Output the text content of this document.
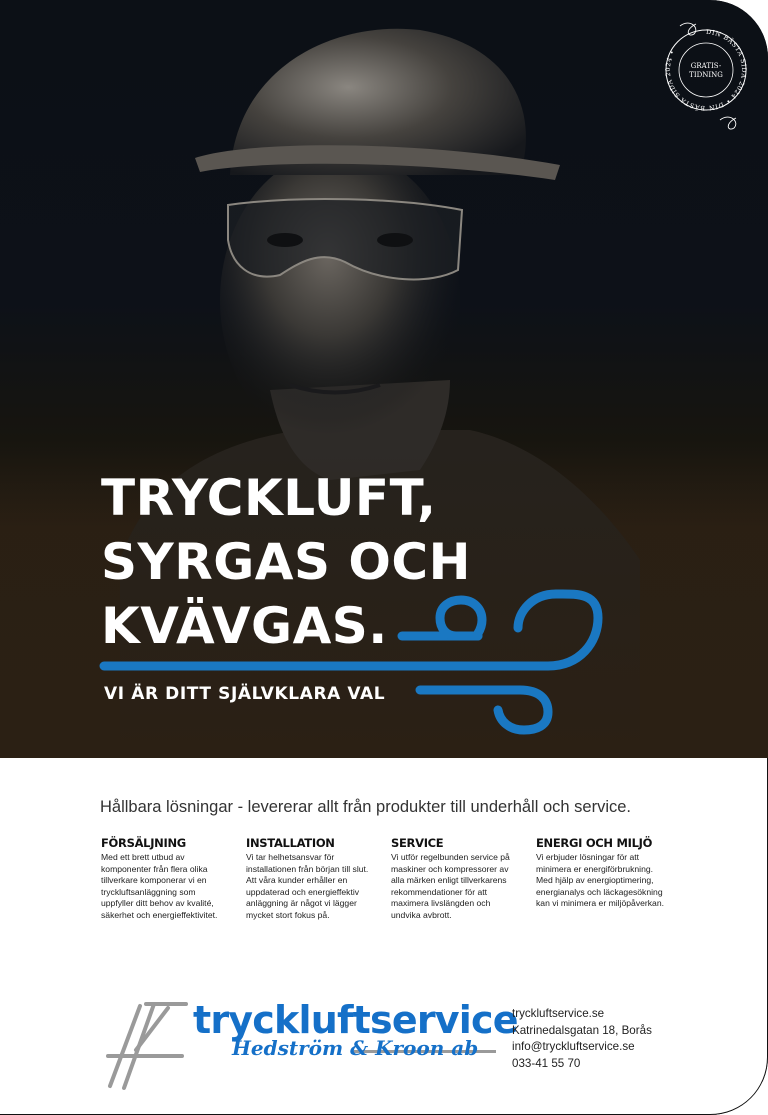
DIN BÄSTA SIDA 2024 • DIN BÄSTA SIDA 2024 •
GRATIS-
TIDNING
TRYCKLUFT,
SYRGAS OCH
KVÄVGAS.
VI ÄR DITT SJÄLVKLARA VAL
Hållbara lösningar - levererar allt från produkter till underhåll och service.
FÖRSÄLJNING

Med ett brett utbud av komponenter från flera olika tillverkare komponerar vi en tryckluftsanläggning som uppfyller ditt behov av kvalité, säkerhet och energieffektivitet.

INSTALLATION

Vi tar helhetsansvar för installationen från början till slut. Att våra kunder erhåller en uppdaterad och energieffektiv anläggning är något vi lägger mycket stort fokus på.

SERVICE

Vi utför regelbunden service på maskiner och kompressorer av alla märken enligt tillverkarens rekommendationer för att maximera livslängden och undvika avbrott.

ENERGI OCH MILJÖ

Vi erbjuder lösningar för att minimera er energiförbrukning. Med hjälp av energioptimering, energianalys och läckagesökning kan vi minimera er miljöpåverkan.

tryckluftservice
Hedström & Kroon ab
tryckluftservice.se
Katrinedalsgatan 18, Borås
info@tryckluftservice.se
033-41 55 70
